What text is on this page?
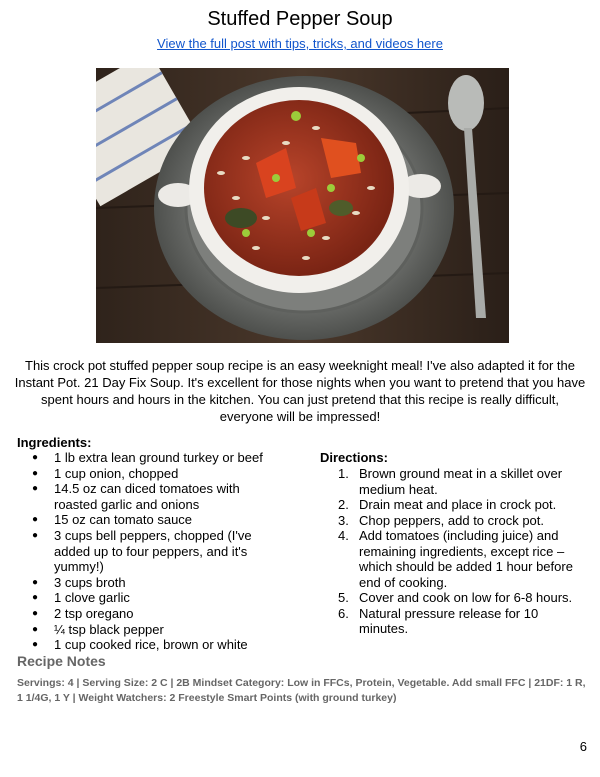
Stuffed Pepper Soup
View the full post with tips, tricks, and videos here
This crock pot stuffed pepper soup recipe is an easy weeknight meal! I've also adapted it for the Instant Pot. 21 Day Fix Soup. It's excellent for those nights when you want to pretend that you have spent hours and hours in the kitchen. You can just pretend that this recipe is really difficult, everyone will be impressed!
Ingredients:
● 1 lb extra lean ground turkey or beef
● 1 cup onion, chopped
● 14.5 oz can diced tomatoes with roasted garlic and onions
● 15 oz can tomato sauce
● 3 cups bell peppers, chopped (I've added up to four peppers, and it's yummy!)
● 3 cups broth
● 1 clove garlic
● 2 tsp oregano
● ¼ tsp black pepper
● 1 cup cooked rice, brown or white
Directions:
1. Brown ground meat in a skillet over medium heat.
2. Drain meat and place in crock pot.
3. Chop peppers, add to crock pot.
4. Add tomatoes (including juice) and remaining ingredients, except rice – which should be added 1 hour before end of cooking.
5. Cover and cook on low for 6-8 hours.
6. Natural pressure release for 10 minutes.
Recipe Notes
Servings: 4 | Serving Size: 2 C | 2B Mindset Category: Low in FFCs, Protein, Vegetable. Add small FFC | 21DF: 1 R, 1 1/4G, 1 Y | Weight Watchers: 2 Freestyle Smart Points (with ground turkey)
6
